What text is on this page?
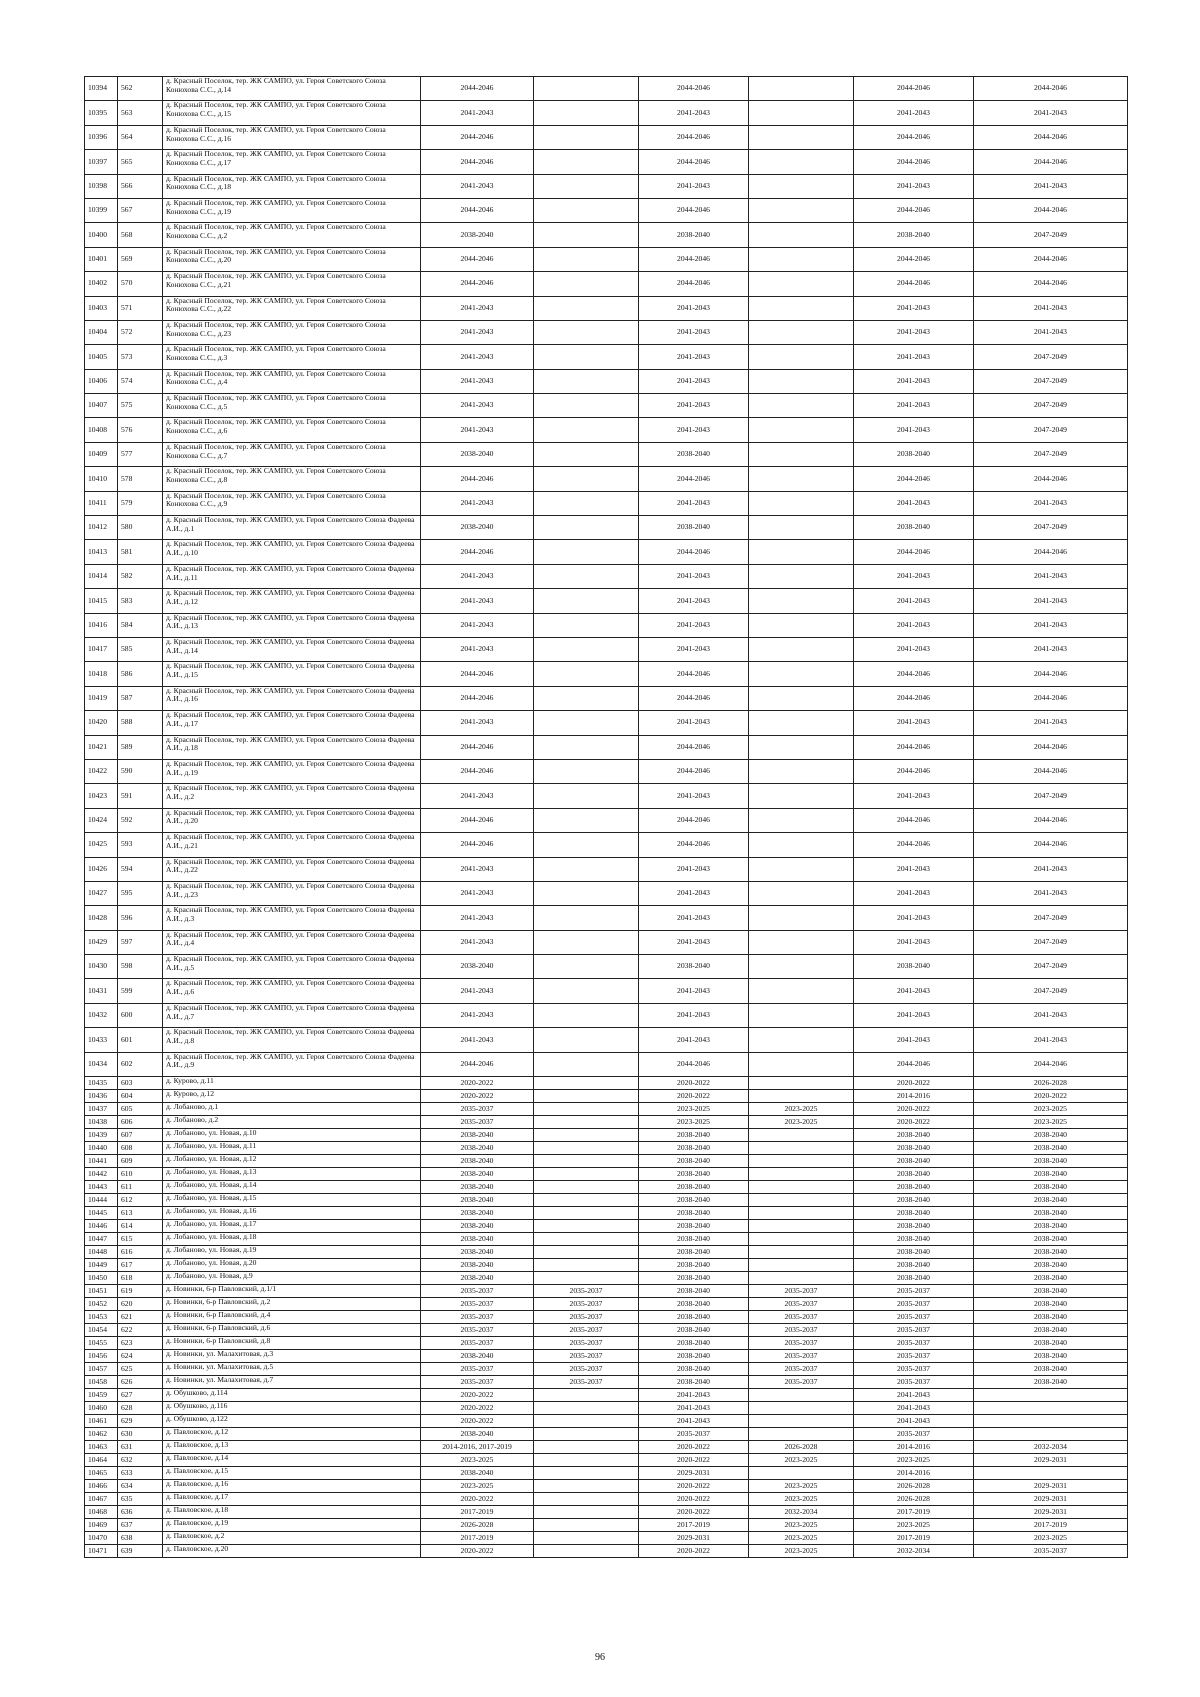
10394	562	д. Красный Поселок, тер. ЖК САМПО, ул. Героя Советского Союза Конюхова С.С., д.14	2044-2046		2044-2046		2044-2046	2044-2046
10395	563	д. Красный Поселок, тер. ЖК САМПО, ул. Героя Советского Союза Конюхова С.С., д.15	2041-2043		2041-2043		2041-2043	2041-2043
10396	564	д. Красный Поселок, тер. ЖК САМПО, ул. Героя Советского Союза Конюхова С.С., д.16	2044-2046		2044-2046		2044-2046	2044-2046
10397	565	д. Красный Поселок, тер. ЖК САМПО, ул. Героя Советского Союза Конюхова С.С., д.17	2044-2046		2044-2046		2044-2046	2044-2046
10398	566	д. Красный Поселок, тер. ЖК САМПО, ул. Героя Советского Союза Конюхова С.С., д.18	2041-2043		2041-2043		2041-2043	2041-2043
10399	567	д. Красный Поселок, тер. ЖК САМПО, ул. Героя Советского Союза Конюхова С.С., д.19	2044-2046		2044-2046		2044-2046	2044-2046
10400	568	д. Красный Поселок, тер. ЖК САМПО, ул. Героя Советского Союза Конюхова С.С., д.2	2038-2040		2038-2040		2038-2040	2047-2049
10401	569	д. Красный Поселок, тер. ЖК САМПО, ул. Героя Советского Союза Конюхова С.С., д.20	2044-2046		2044-2046		2044-2046	2044-2046
10402	570	д. Красный Поселок, тер. ЖК САМПО, ул. Героя Советского Союза Конюхова С.С., д.21	2044-2046		2044-2046		2044-2046	2044-2046
10403	571	д. Красный Поселок, тер. ЖК САМПО, ул. Героя Советского Союза Конюхова С.С., д.22	2041-2043		2041-2043		2041-2043	2041-2043
10404	572	д. Красный Поселок, тер. ЖК САМПО, ул. Героя Советского Союза Конюхова С.С., д.23	2041-2043		2041-2043		2041-2043	2041-2043
10405	573	д. Красный Поселок, тер. ЖК САМПО, ул. Героя Советского Союза Конюхова С.С., д.3	2041-2043		2041-2043		2041-2043	2047-2049
10406	574	д. Красный Поселок, тер. ЖК САМПО, ул. Героя Советского Союза Конюхова С.С., д.4	2041-2043		2041-2043		2041-2043	2047-2049
10407	575	д. Красный Поселок, тер. ЖК САМПО, ул. Героя Советского Союза Конюхова С.С., д.5	2041-2043		2041-2043		2041-2043	2047-2049
10408	576	д. Красный Поселок, тер. ЖК САМПО, ул. Героя Советского Союза Конюхова С.С., д.6	2041-2043		2041-2043		2041-2043	2047-2049
10409	577	д. Красный Поселок, тер. ЖК САМПО, ул. Героя Советского Союза Конюхова С.С., д.7	2038-2040		2038-2040		2038-2040	2047-2049
10410	578	д. Красный Поселок, тер. ЖК САМПО, ул. Героя Советского Союза Конюхова С.С., д.8	2044-2046		2044-2046		2044-2046	2044-2046
10411	579	д. Красный Поселок, тер. ЖК САМПО, ул. Героя Советского Союза Конюхова С.С., д.9	2041-2043		2041-2043		2041-2043	2041-2043
10412	580	д. Красный Поселок, тер. ЖК САМПО, ул. Героя Советского Союза Фадеева А.И., д.1	2038-2040		2038-2040		2038-2040	2047-2049
10413	581	д. Красный Поселок, тер. ЖК САМПО, ул. Героя Советского Союза Фадеева А.И., д.10	2044-2046		2044-2046		2044-2046	2044-2046
10414	582	д. Красный Поселок, тер. ЖК САМПО, ул. Героя Советского Союза Фадеева А.И., д.11	2041-2043		2041-2043		2041-2043	2041-2043
10415	583	д. Красный Поселок, тер. ЖК САМПО, ул. Героя Советского Союза Фадеева А.И., д.12	2041-2043		2041-2043		2041-2043	2041-2043
10416	584	д. Красный Поселок, тер. ЖК САМПО, ул. Героя Советского Союза Фадеева А.И., д.13	2041-2043		2041-2043		2041-2043	2041-2043
10417	585	д. Красный Поселок, тер. ЖК САМПО, ул. Героя Советского Союза Фадеева А.И., д.14	2041-2043		2041-2043		2041-2043	2041-2043
10418	586	д. Красный Поселок, тер. ЖК САМПО, ул. Героя Советского Союза Фадеева А.И., д.15	2044-2046		2044-2046		2044-2046	2044-2046
10419	587	д. Красный Поселок, тер. ЖК САМПО, ул. Героя Советского Союза Фадеева А.И., д.16	2044-2046		2044-2046		2044-2046	2044-2046
10420	588	д. Красный Поселок, тер. ЖК САМПО, ул. Героя Советского Союза Фадеева А.И., д.17	2041-2043		2041-2043		2041-2043	2041-2043
10421	589	д. Красный Поселок, тер. ЖК САМПО, ул. Героя Советского Союза Фадеева А.И., д.18	2044-2046		2044-2046		2044-2046	2044-2046
10422	590	д. Красный Поселок, тер. ЖК САМПО, ул. Героя Советского Союза Фадеева А.И., д.19	2044-2046		2044-2046		2044-2046	2044-2046
10423	591	д. Красный Поселок, тер. ЖК САМПО, ул. Героя Советского Союза Фадеева А.И., д.2	2041-2043		2041-2043		2041-2043	2047-2049
10424	592	д. Красный Поселок, тер. ЖК САМПО, ул. Героя Советского Союза Фадеева А.И., д.20	2044-2046		2044-2046		2044-2046	2044-2046
10425	593	д. Красный Поселок, тер. ЖК САМПО, ул. Героя Советского Союза Фадеева А.И., д.21	2044-2046		2044-2046		2044-2046	2044-2046
10426	594	д. Красный Поселок, тер. ЖК САМПО, ул. Героя Советского Союза Фадеева А.И., д.22	2041-2043		2041-2043		2041-2043	2041-2043
10427	595	д. Красный Поселок, тер. ЖК САМПО, ул. Героя Советского Союза Фадеева А.И., д.23	2041-2043		2041-2043		2041-2043	2041-2043
10428	596	д. Красный Поселок, тер. ЖК САМПО, ул. Героя Советского Союза Фадеева А.И., д.3	2041-2043		2041-2043		2041-2043	2047-2049
10429	597	д. Красный Поселок, тер. ЖК САМПО, ул. Героя Советского Союза Фадеева А.И., д.4	2041-2043		2041-2043		2041-2043	2047-2049
10430	598	д. Красный Поселок, тер. ЖК САМПО, ул. Героя Советского Союза Фадеева А.И., д.5	2038-2040		2038-2040		2038-2040	2047-2049
10431	599	д. Красный Поселок, тер. ЖК САМПО, ул. Героя Советского Союза Фадеева А.И., д.6	2041-2043		2041-2043		2041-2043	2047-2049
10432	600	д. Красный Поселок, тер. ЖК САМПО, ул. Героя Советского Союза Фадеева А.И., д.7	2041-2043		2041-2043		2041-2043	2041-2043
10433	601	д. Красный Поселок, тер. ЖК САМПО, ул. Героя Советского Союза Фадеева А.И., д.8	2041-2043		2041-2043		2041-2043	2041-2043
10434	602	д. Красный Поселок, тер. ЖК САМПО, ул. Героя Советского Союза Фадеева А.И., д.9	2044-2046		2044-2046		2044-2046	2044-2046
10435	603	д. Курово, д.11	2020-2022		2020-2022		2020-2022	2026-2028
10436	604	д. Курово, д.12	2020-2022		2020-2022		2014-2016	2020-2022
10437	605	д. Лобаново, д.1	2035-2037		2023-2025	2023-2025	2020-2022	2023-2025
10438	606	д. Лобаново, д.2	2035-2037		2023-2025	2023-2025	2020-2022	2023-2025
10439	607	д. Лобаново, ул. Новая, д.10	2038-2040		2038-2040		2038-2040	2038-2040
10440	608	д. Лобаново, ул. Новая, д.11	2038-2040		2038-2040		2038-2040	2038-2040
10441	609	д. Лобаново, ул. Новая, д.12	2038-2040		2038-2040		2038-2040	2038-2040
10442	610	д. Лобаново, ул. Новая, д.13	2038-2040		2038-2040		2038-2040	2038-2040
10443	611	д. Лобаново, ул. Новая, д.14	2038-2040		2038-2040		2038-2040	2038-2040
10444	612	д. Лобаново, ул. Новая, д.15	2038-2040		2038-2040		2038-2040	2038-2040
10445	613	д. Лобаново, ул. Новая, д.16	2038-2040		2038-2040		2038-2040	2038-2040
10446	614	д. Лобаново, ул. Новая, д.17	2038-2040		2038-2040		2038-2040	2038-2040
10447	615	д. Лобаново, ул. Новая, д.18	2038-2040		2038-2040		2038-2040	2038-2040
10448	616	д. Лобаново, ул. Новая, д.19	2038-2040		2038-2040		2038-2040	2038-2040
10449	617	д. Лобаново, ул. Новая, д.20	2038-2040		2038-2040		2038-2040	2038-2040
10450	618	д. Лобаново, ул. Новая, д.9	2038-2040		2038-2040		2038-2040	2038-2040
10451	619	д. Новинки, 6-р Павловский, д.1/1	2035-2037	2035-2037	2038-2040	2035-2037	2035-2037	2038-2040
10452	620	д. Новинки, 6-р Павловский, д.2	2035-2037	2035-2037	2038-2040	2035-2037	2035-2037	2038-2040
10453	621	д. Новинки, 6-р Павловский, д.4	2035-2037	2035-2037	2038-2040	2035-2037	2035-2037	2038-2040
10454	622	д. Новинки, 6-р Павловский, д.6	2035-2037	2035-2037	2038-2040	2035-2037	2035-2037	2038-2040
10455	623	д. Новинки, 6-р Павловский, д.8	2035-2037	2035-2037	2038-2040	2035-2037	2035-2037	2038-2040
10456	624	д. Новинки, ул. Малахитовая, д.3	2038-2040	2035-2037	2038-2040	2035-2037	2035-2037	2038-2040
10457	625	д. Новинки, ул. Малахитовая, д.5	2035-2037	2035-2037	2038-2040	2035-2037	2035-2037	2038-2040
10458	626	д. Новинки, ул. Малахитовая, д.7	2035-2037	2035-2037	2038-2040	2035-2037	2035-2037	2038-2040
10459	627	д. Обушково, д.114	2020-2022		2041-2043		2041-2043	
10460	628	д. Обушково, д.116	2020-2022		2041-2043		2041-2043	
10461	629	д. Обушково, д.122	2020-2022		2041-2043		2041-2043	
10462	630	д. Павловское, д.12	2038-2040		2035-2037		2035-2037	
10463	631	д. Павловское, д.13	2014-2016, 2017-2019		2020-2022	2026-2028	2014-2016	2032-2034
10464	632	д. Павловское, д.14	2023-2025		2020-2022	2023-2025	2023-2025	2029-2031
10465	633	д. Павловское, д.15	2038-2040		2029-2031		2014-2016	
10466	634	д. Павловское, д.16	2023-2025		2020-2022	2023-2025	2026-2028	2029-2031
10467	635	д. Павловское, д.17	2020-2022		2020-2022	2023-2025	2026-2028	2029-2031
10468	636	д. Павловское, д.18	2017-2019		2020-2022	2032-2034	2017-2019	2029-2031
10469	637	д. Павловское, д.19	2026-2028		2017-2019	2023-2025	2023-2025	2017-2019
10470	638	д. Павловское, д.2	2017-2019		2029-2031	2023-2025	2017-2019	2023-2025
10471	639	д. Павловское, д.20	2020-2022		2020-2022	2023-2025	2032-2034	2035-2037
96
